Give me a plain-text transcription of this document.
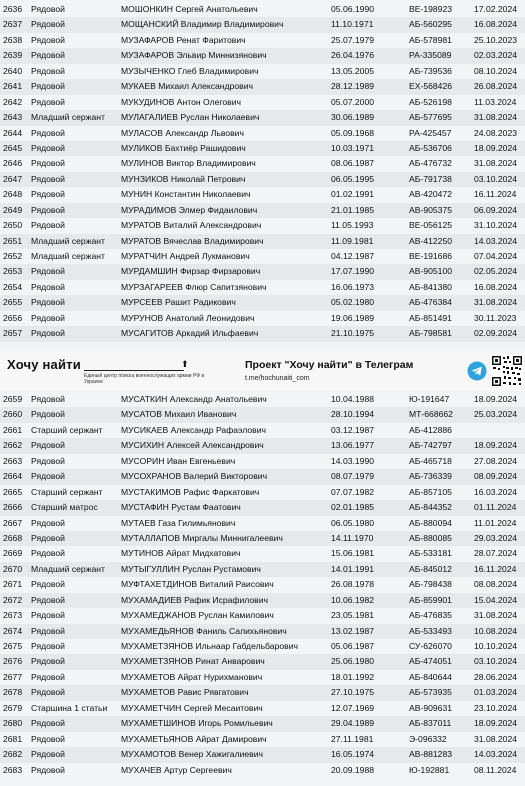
2636	Рядовой	МОШОНКИН Сергей Анатольевич	05.06.1990	ВЕ-198923	17.02.2024
2637	Рядовой	МОЩАНСКИЙ Владимир Владимирович	11.10.1971	АБ-560295	16.08.2024
2638	Рядовой	МУЗАФАРОВ Ренат Фаритович	25.07.1979	АБ-578981	25.10.2023
2639	Рядовой	МУЗАФАРОВ Эльвир Миннизянович	26.04.1976	РА-335089	02.03.2024
2640	Рядовой	МУЗЫЧЕНКО Глеб Владимирович	13.05.2005	АБ-739536	08.10.2024
2641	Рядовой	МУКАЕВ Михаил Александрович	28.12.1989	ЕХ-568426	26.08.2024
2642	Рядовой	МУКУДИНОВ Антон Олегович	05.07.2000	АБ-526198	11.03.2024
2643	Младший сержант	МУЛАГАЛИЕВ Руслан Николаевич	30.06.1989	АБ-577695	31.08.2024
2644	Рядовой	МУЛАСОВ Александр Львович	05.09.1968	РА-425457	24.08.2023
2645	Рядовой	МУЛИКОВ Бахтиёр Рашидович	10.03.1971	АБ-536706	18.09.2024
2646	Рядовой	МУЛИНОВ Виктор Владимирович	08.06.1987	АБ-476732	31.08.2024
2647	Рядовой	МУНЗИКОВ Николай Петрович	06.05.1995	АБ-791738	03.10.2024
2648	Рядовой	МУНИН Константин Николаевич	01.02.1991	АВ-420472	16.11.2024
2649	Рядовой	МУРАДИМОВ Элмер Фидаилович	21.01.1985	АВ-905375	06.09.2024
2650	Рядовой	МУРАТОВ Виталий Александрович	11.05.1993	ВЕ-056125	31.10.2024
2651	Младший сержант	МУРАТОВ Вячеслав Владимирович	11.09.1981	АВ-412250	14.03.2024
2652	Младший сержант	МУРАТЧИН Андрей Лукманович	04.12.1987	ВЕ-191686	07.04.2024
2653	Рядовой	МУРДАМШИН Фирзар Фирзарович	17.07.1990	АВ-905100	02.05.2024
2654	Рядовой	МУРЗАГАРЕЕВ Флюр Сапитзянович	16.06.1973	АБ-841380	16.08.2024
2655	Рядовой	МУРСЕЕВ Рашит Радикович	05.02.1980	АБ-476384	31.08.2024
2656	Рядовой	МУРУНОВ Анатолий Леонидович	19.06.1989	АБ-851491	30.11.2023
2657	Рядовой	МУСАГИТОВ Аркадий Ильфаевич	21.10.1975	АБ-798581	02.09.2024
Хочу найти	⬆
Единый центр поиска военнослужащих армии РФ в Украине
Проект "Хочу найти" в Телеграм
t.me/hochunaiti_com
2659	Рядовой	МУСАТКИН Александр Анатольевич	10.04.1988	Ю-191647	18.09.2024
2660	Рядовой	МУСАТОВ Михаил Иванович	28.10.1994	МТ-668662	25.03.2024
2661	Старший сержант	МУСИКАЕВ Александр Рафаэлович	03.12.1987	АБ-412886
2662	Рядовой	МУСИХИН Алексей Александрович	13.06.1977	АБ-742797	18.09.2024
2663	Рядовой	МУСОРИН Иван Евгеньевич	14.03.1990	АБ-465718	27.08.2024
2664	Рядовой	МУСОХРАНОВ Валерий Викторович	08.07.1979	АБ-736339	08.09.2024
2665	Старший сержант	МУСТАКИМОВ Рафис Фаркатович	07.07.1982	АБ-857105	16.03.2024
2666	Старший матрос	МУСТАФИН Рустам Фаатович	02.01.1985	АБ-844352	01.11.2024
2667	Рядовой	МУТАЕВ Газа Гилимьянович	06.05.1980	АБ-880094	11.01.2024
2668	Рядовой	МУТАЛЛАПОВ Миргалы Миннигалеевич	14.11.1970	АБ-880085	29.03.2024
2669	Рядовой	МУТИНОВ Айрат Мидхатович	15.06.1981	АБ-533181	28.07.2024
2670	Младший сержант	МУТЫГУЛЛИН Руслан Рустамович	14.01.1991	АБ-845012	16.11.2024
2671	Рядовой	МУФТАХЕТДИНОВ Виталий Раисович	26.08.1978	АБ-798438	08.08.2024
2672	Рядовой	МУХАМАДИЕВ Рафик Исрафилович	10.06.1982	АБ-859901	15.04.2024
2673	Рядовой	МУХАМЕДЖАНОВ Руслан Камилович	23.05.1981	АБ-476835	31.08.2024
2674	Рядовой	МУХАМЕДЬЯНОВ Фаниль Салихьянович	13.02.1987	АБ-533493	10.08.2024
2675	Рядовой	МУХАМЕТЗЯНОВ Ильнаар Габдельбарович	05.06.1987	СУ-626070	10.10.2024
2676	Рядовой	МУХАМЕТЗЯНОВ Ринат Анварович	25.06.1980	АБ-474051	03.10.2024
2677	Рядовой	МУХАМЕТОВ Айрат Нурихманович	18.01.1992	АБ-840644	28.06.2024
2678	Рядовой	МУХАМЕТОВ Равис Рявгатович	27.10.1975	АБ-573935	01.03.2024
2679	Старшина 1 статьи	МУХАМЕТЧИН Сергей Месаитович	12.07.1969	АВ-909631	23.10.2024
2680	Рядовой	МУХАМЕТШИНОВ Игорь Ромильевич	29.04.1989	АБ-837011	18.09.2024
2681	Рядовой	МУХАМЕТЬЯНОВ Айрат Дамирович	27.11.1981	Э-096332	31.08.2024
2682	Рядовой	МУХАМОТОВ Венер Хажигалиевич	16.05.1974	АВ-881283	14.03.2024
2683	Рядовой	МУХАЧЕВ Артур Сергеевич	20.09.1988	Ю-192881	08.11.2024
